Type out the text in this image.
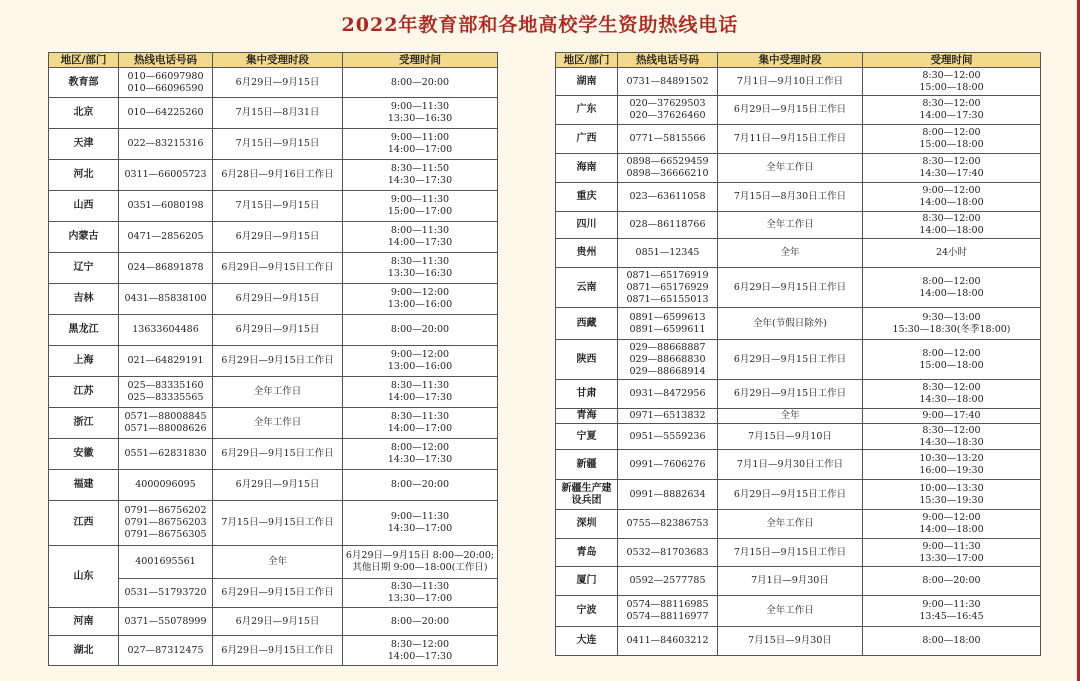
2022年教育部和各地高校学生资助热线电话
地区/部门	热线电话号码	集中受理时段	受理时间
教育部	010—66097980
010—66096590	6月29日—9月15日	8:00—20:00

北京	010—64225260	7月15日—8月31日	9:00—11:30
13:30—16:30

天津	022—83215316	7月15日—9月15日	9:00—11:00
14:00—17:00

河北	0311—66005723	6月28日—9月16日工作日	8:30—11:50
14:30—17:30

山西	0351—6080198	7月15日—9月15日	9:00—11:30
15:00—17:00

内蒙古	0471—2856205	6月29日—9月15日	8:00—11:30
14:00—17:30

辽宁	024—86891878	6月29日—9月15日工作日	8:30—11:30
13:30—16:30

吉林	0431—85838100	6月29日—9月15日	9:00—12:00
13:00—16:00

黑龙江	13633604486	6月29日—9月15日	8:00—20:00

上海	021—64829191	6月29日—9月15日工作日	9:00—12:00
13:00—16:00

江苏	025—83335160
025—83335565	全年工作日	8:30—11:30
14:00—17:30

浙江	0571—88008845
0571—88008626	全年工作日	8:30—11:30
14:00—17:00

安徽	0551—62831830	6月29日—9月15日工作日	8:00—12:00
14:30—17:30

福建	4000096095	6月29日—9月15日	8:00—20:00

江西	0791—86756202
0791—86756203
0791—86756305	7月15日—9月15日工作日	9:00—11:30
14:30—17:00

山东	4001695561	全年	6月29日—9月15日 8:00—20:00;
其他日期 9:00—18:00(工作日)

	0531—51793720	6月29日—9月15日工作日	8:30—11:30
13:30—17:00

河南	0371—55078999	6月29日—9月15日	8:00—20:00

湖北	027—87312475	6月29日—9月15日工作日	8:30—12:00
14:00—17:30
地区/部门	热线电话号码	集中受理时段	受理时间
湖南	0731—84891502	7月1日—9月10日工作日	8:30—12:00
15:00—18:00

广东	020—37629503
020—37626460	6月29日—9月15日工作日	8:30—12:00
14:00—17:30

广西	0771—5815566	7月11日—9月15日工作日	8:00—12:00
15:00—18:00

海南	0898—66529459
0898—36666210	全年工作日	8:30—12:00
14:30—17:40

重庆	023—63611058	7月15日—8月30日工作日	9:00—12:00
14:00—18:00

四川	028—86118766	全年工作日	8:30—12:00
14:00—18:00

贵州	0851—12345	全年	24小时

云南	0871—65176919
0871—65176929
0871—65155013	6月29日—9月15日工作日	8:00—12:00
14:00—18:00

西藏	0891—6599613
0891—6599611	全年(节假日除外)	9:30—13:00
15:30—18:30(冬季18:00)

陕西	029—88668887
029—88668830
029—88668914	6月29日—9月15日工作日	8:00—12:00
15:00—18:00

甘肃	0931—8472956	6月29日—9月15日工作日	8:30—12:00
14:30—18:00

青海	0971—6513832	全年	9:00—17:40

宁夏	0951—5559236	7月15日—9月10日	8:30—12:00
14:30—18:30

新疆	0991—7606276	7月1日—9月30日工作日	10:30—13:20
16:00—19:30

新疆生产建设兵团	0991—8882634	6月29日—9月15日工作日	10:00—13:30
15:30—19:30

深圳	0755—82386753	全年工作日	9:00—12:00
14:00—18:00

青岛	0532—81703683	7月15日—9月15日工作日	9:00—11:30
13:30—17:00

厦门	0592—2577785	7月1日—9月30日	8:00—20:00

宁波	0574—88116985
0574—88116977	全年工作日	9:00—11:30
13:45—16:45

大连	0411—84603212	7月15日—9月30日	8:00—18:00
